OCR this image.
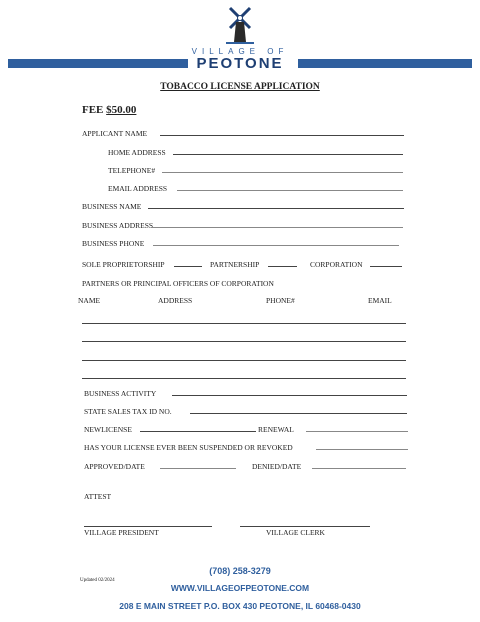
VILLAGE OF
PEOTONE
TOBACCO LICENSE APPLICATION
FEE $50.00
APPLICANT NAME
HOME ADDRESS
TELEPHONE#
EMAIL ADDRESS
BUSINESS NAME
BUSINESS ADDRESS
BUSINESS PHONE
SOLE PROPRIETORSHIP	PARTNERSHIP	CORPORATION
PARTNERS OR PRINCIPAL OFFICERS OF CORPORATION
NAME	ADDRESS	PHONE#	EMAIL
BUSINESS ACTIVITY
STATE SALES TAX ID NO.
NEWLICENSE	RENEWAL
HAS YOUR LICENSE EVER BEEN SUSPENDED OR REVOKED
APPROVED/DATE	DENIED/DATE
ATTEST
VILLAGE PRESIDENT	VILLAGE CLERK
Updated 02/2024
(708) 258-3279
WWW.VILLAGEOFPEOTONE.COM
208 E MAIN STREET P.O. BOX 430 PEOTONE, IL 60468-0430
